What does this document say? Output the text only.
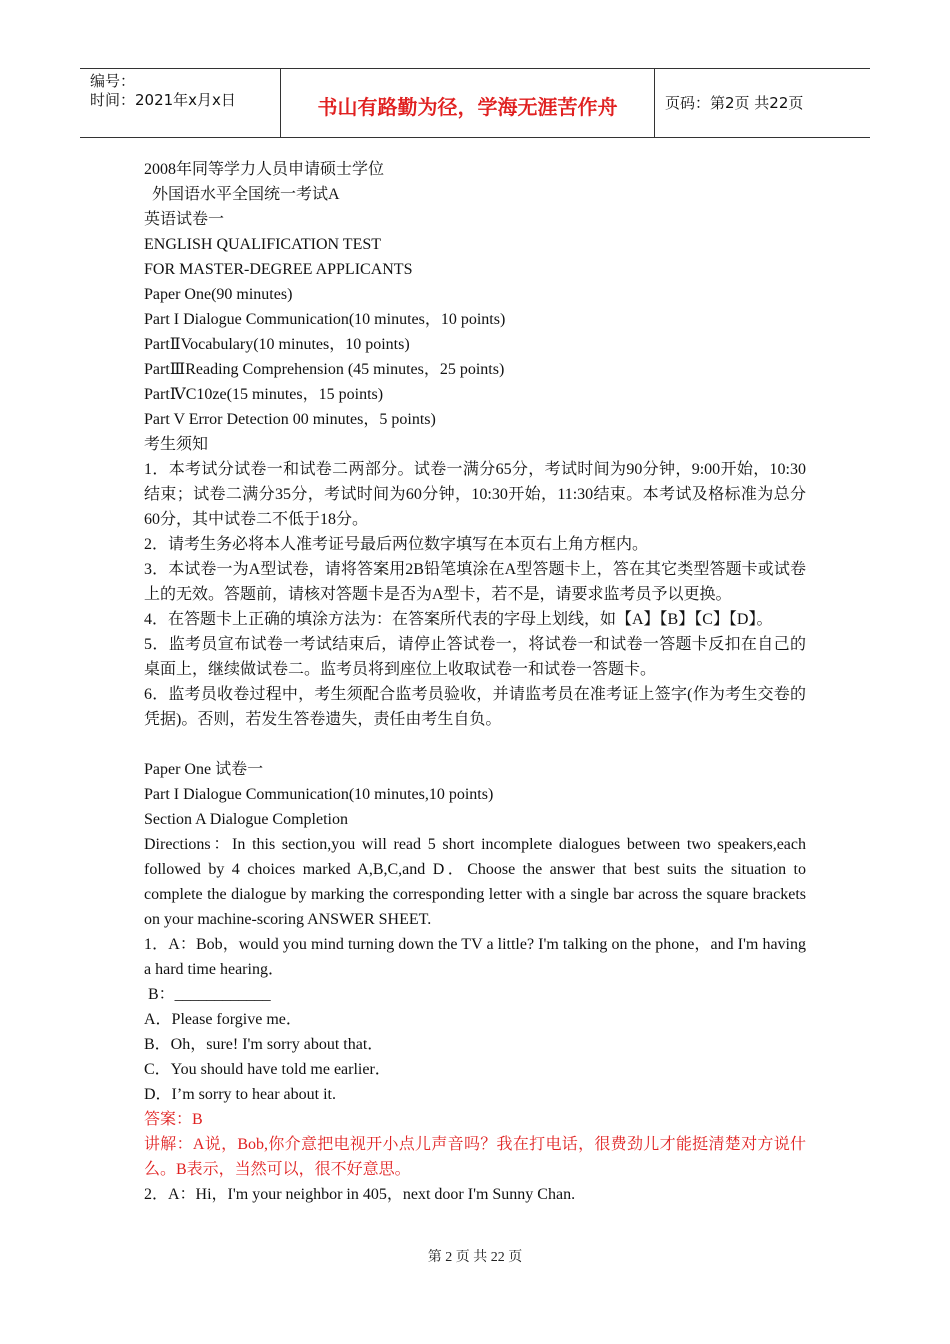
编号：
时间：2021年x月x日	书山有路勤为径，学海无涯苦作舟	页码：第2页 共22页
2008年同等学力人员申请硕士学位
外国语水平全国统一考试A
英语试卷一
ENGLISH QUALIFICATION TEST
FOR MASTER-DEGREE APPLICANTS
Paper One(90 minutes)
Part I Dialogue Communication(10 minutes，10 points)
PartⅡVocabulary(10 minutes，10 points)
PartⅢReading Comprehension (45 minutes，25 points)
PartⅣC10ze(15 minutes，15 points)
Part V Error Detection 00 minutes，5 points)
考生须知
1．本考试分试卷一和试卷二两部分。试卷一满分65分，考试时间为90分钟，9:00开始，10:30结束；试卷二满分35分，考试时间为60分钟，10:30开始，11:30结束。本考试及格标准为总分60分，其中试卷二不低于18分。
2．请考生务必将本人准考证号最后两位数字填写在本页右上角方框内。
3．本试卷一为A型试卷，请将答案用2B铅笔填涂在A型答题卡上，答在其它类型答题卡或试卷上的无效。答题前，请核对答题卡是否为A型卡，若不是，请要求监考员予以更换。
4．在答题卡上正确的填涂方法为：在答案所代表的字母上划线，如【A】【B】【C】【D】。
5．监考员宣布试卷一考试结束后，请停止答试卷一，将试卷一和试卷一答题卡反扣在自己的桌面上，继续做试卷二。监考员将到座位上收取试卷一和试卷一答题卡。
6．监考员收卷过程中，考生须配合监考员验收，并请监考员在准考证上签字(作为考生交卷的凭据)。否则，若发生答卷遗失，责任由考生自负。
Paper One 试卷一
Part I Dialogue Communication(10 minutes,10 points)
Section A Dialogue Completion
Directions：In this section,you will read 5 short incomplete dialogues between two speakers,each followed by 4 choices marked A,B,C,and D．Choose the answer that best suits the situation to complete the dialogue by marking the corresponding letter with a single bar across the square brackets on your machine-scoring ANSWER SHEET.
1．A：Bob，would you mind turning down the TV a little? I'm talking on the phone，and I'm having a hard time hearing．
B：____________
A．Please forgive me．
B．Oh，sure! I'm sorry about that．
C．You should have told me earlier．
D．I’m sorry to hear about it.
答案：B
讲解：A说，Bob,你介意把电视开小点儿声音吗？我在打电话，很费劲儿才能挺清楚对方说什么。B表示，当然可以，很不好意思。
2．A：Hi，I'm your neighbor in 405，next door I'm Sunny Chan.
第 2 页 共 22 页
